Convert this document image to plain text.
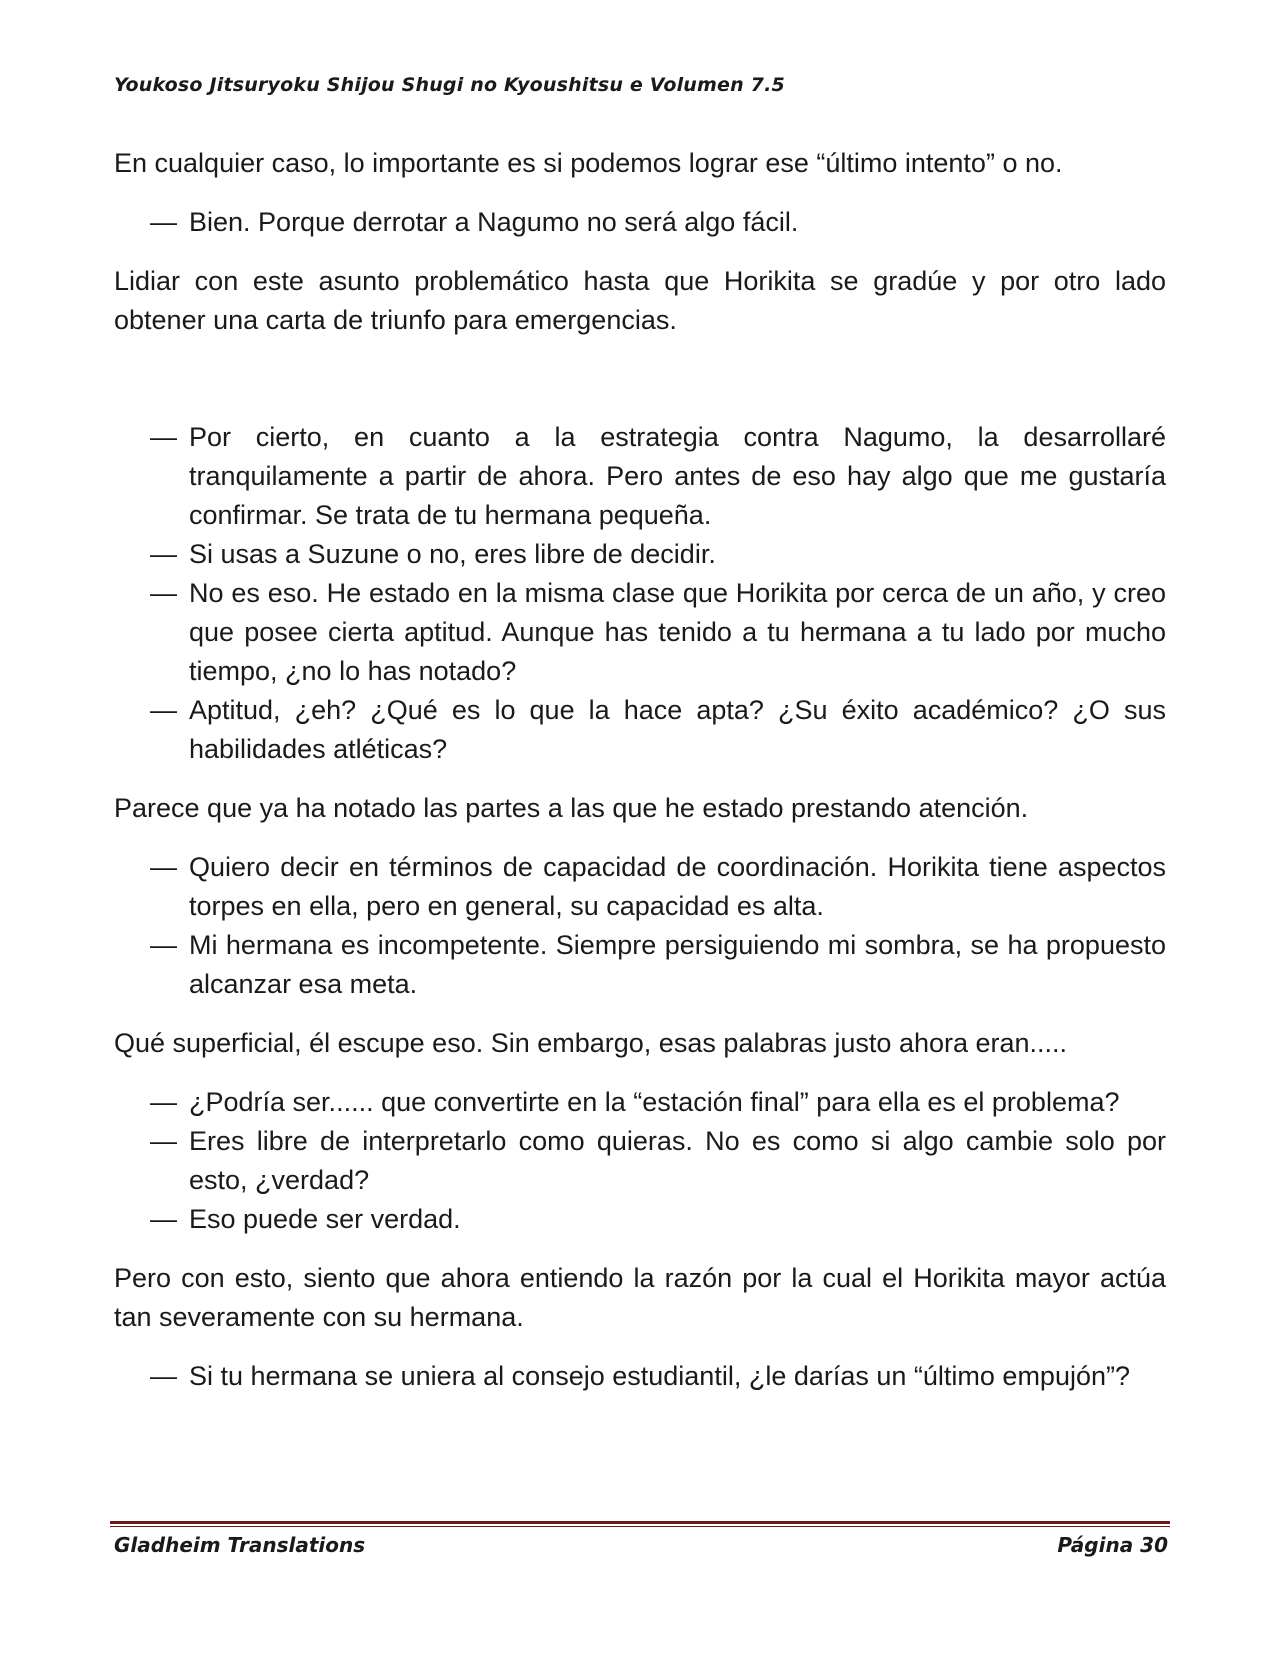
Youkoso Jitsuryoku Shijou Shugi no Kyoushitsu e Volumen 7.5

En cualquier caso, lo importante es si podemos lograr ese “último intento” o no.

— Bien. Porque derrotar a Nagumo no será algo fácil.

Lidiar con este asunto problemático hasta que Horikita se gradúe y por otro lado obtener una carta de triunfo para emergencias.

— Por cierto, en cuanto a la estrategia contra Nagumo, la desarrollaré tranquilamente a partir de ahora. Pero antes de eso hay algo que me gustaría confirmar. Se trata de tu hermana pequeña.

— Si usas a Suzune o no, eres libre de decidir.

— No es eso. He estado en la misma clase que Horikita por cerca de un año, y creo que posee cierta aptitud. Aunque has tenido a tu hermana a tu lado por mucho tiempo, ¿no lo has notado?

— Aptitud, ¿eh? ¿Qué es lo que la hace apta? ¿Su éxito académico? ¿O sus habilidades atléticas?

Parece que ya ha notado las partes a las que he estado prestando atención.

— Quiero decir en términos de capacidad de coordinación. Horikita tiene aspectos torpes en ella, pero en general, su capacidad es alta.

— Mi hermana es incompetente. Siempre persiguiendo mi sombra, se ha propuesto alcanzar esa meta.

Qué superficial, él escupe eso. Sin embargo, esas palabras justo ahora eran.....

— ¿Podría ser...... que convertirte en la “estación final” para ella es el problema?

— Eres libre de interpretarlo como quieras. No es como si algo cambie solo por esto, ¿verdad?

— Eso puede ser verdad.

Pero con esto, siento que ahora entiendo la razón por la cual el Horikita mayor actúa tan severamente con su hermana.

— Si tu hermana se uniera al consejo estudiantil, ¿le darías un “último empujón”?

Gladheim Translations	Página 30
